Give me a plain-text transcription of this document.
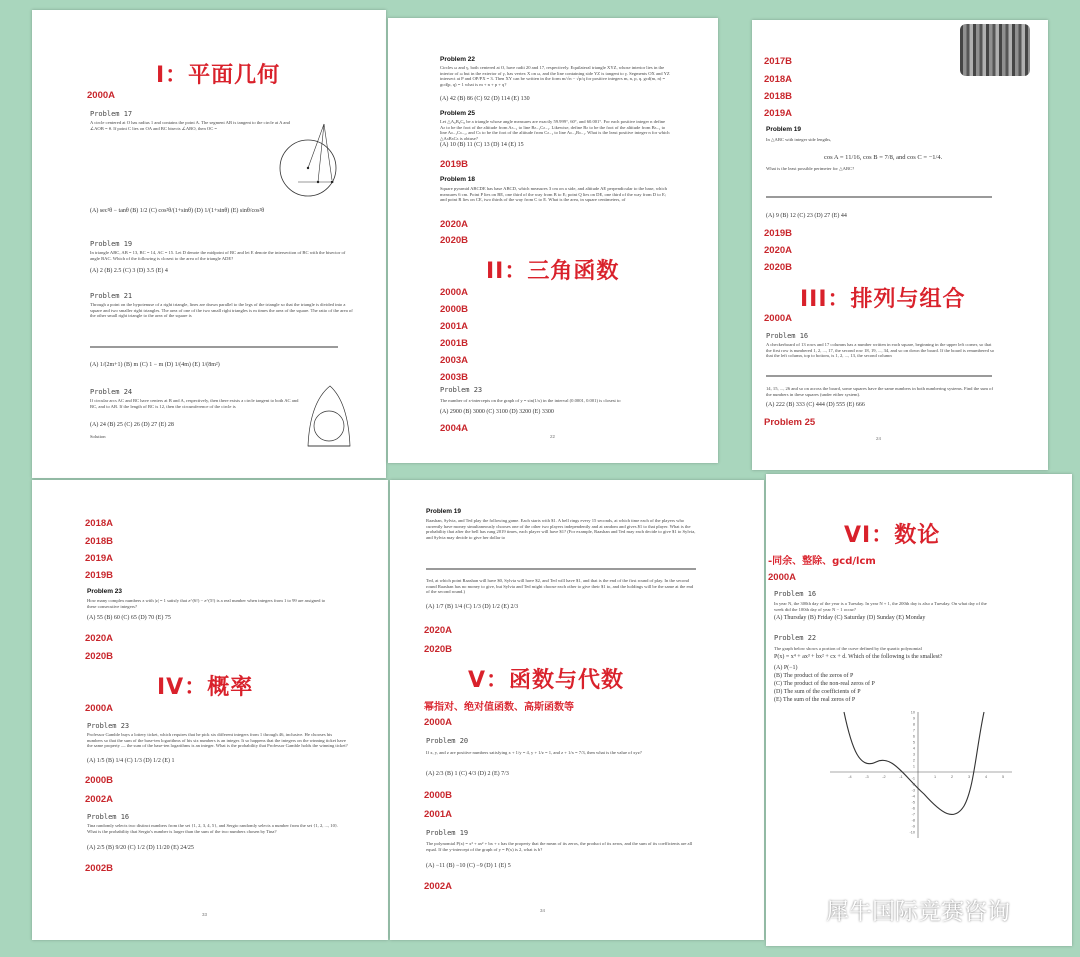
I：平面几何
2000A
Problem 17
A circle centered at O has radius 1 and contains the point A. The segment AB is tangent to the circle at A and ∠AOB = θ. If point C lies on OA and BC bisects ∠ABO, then OC =
(A) sec²θ − tanθ (B) 1/2 (C) cos²θ/(1+sinθ) (D) 1/(1+sinθ) (E) sinθ/cos²θ
Problem 19
In triangle ABC, AB = 13, BC = 14, AC = 15. Let D denote the midpoint of BC and let E denote the intersection of BC with the bisector of angle BAC. Which of the following is closest to the area of the triangle ADE?
(A) 2 (B) 2.5 (C) 3 (D) 3.5 (E) 4
Problem 21
Through a point on the hypotenuse of a right triangle, lines are drawn parallel to the legs of the triangle so that the triangle is divided into a square and two smaller right triangles. The area of one of the two small right triangles is m times the area of the square. The ratio of the area of the other small right triangle to the area of the square is
(A) 1/(2m+1) (B) m (C) 1 − m (D) 1/(4m) (E) 1/(8m²)
Problem 24
If circular arcs AC and BC have centers at B and A, respectively, then there exists a circle tangent to both AC and BC, and to AB. If the length of BC is 12, then the circumference of the circle is
(A) 24 (B) 25 (C) 26 (D) 27 (E) 28
Solution
Problem 22
Circles ω and γ, both centered at O, have radii 20 and 17, respectively. Equilateral triangle XYZ, whose interior lies in the interior of ω but in the exterior of γ, has vertex X on ω, and the line containing side YZ is tangent to γ. Segments OX and YZ intersect at P and OP/PX = 3. Then XY can be written in the form m/√n − √p/q for positive integers m, n, p, q. gcd(m, n) = gcd(p, q) = 1 what is m + n + p + q?
(A) 42 (B) 86 (C) 92 (D) 114 (E) 130
Problem 25
Let △A₀B₀C₀ be a triangle whose angle measures are exactly 59.999°, 60°, and 60.001°. For each positive integer n define Aₙ to be the foot of the altitude from Aₙ₋₁ to line Bₙ₋₁Cₙ₋₁. Likewise, define Bₙ to be the foot of the altitude from Bₙ₋₁ to line Aₙ₋₁Cₙ₋₁, and Cₙ to be the foot of the altitude from Cₙ₋₁ to line Aₙ₋₁Bₙ₋₁. What is the least positive integer n for which △AₙBₙCₙ is obtuse?
(A) 10 (B) 11 (C) 13 (D) 14 (E) 15
2019B
Problem 18
Square pyramid ABCDE has base ABCD, which measures 3 cm on a side, and altitude AE perpendicular to the base, which measures 6 cm. Point P lies on BE, one third of the way from B to E; point Q lies on DE, one third of the way from D to E; and point R lies on CE, two thirds of the way from C to E. What is the area, in square centimeters, of
2020A
2020B
II：三角函数
2000A
2000B
2001A
2001B
2003A
2003B
Problem 23
The number of x-intercepts on the graph of y = sin(1/x) in the interval (0.0001, 0.001) is closest to
(A) 2900 (B) 3000 (C) 3100 (D) 3200 (E) 3300
2004A
22
2017B
2018A
2018B
2019A
Problem 19
In △ABC with integer side lengths,
cos A = 11/16, cos B = 7/8, and cos C = −1/4.
What is the least possible perimeter for △ABC?
(A) 9 (B) 12 (C) 23 (D) 27 (E) 44
2019B
2020A
2020B
III：排列与组合
2000A
Problem 16
A checkerboard of 13 rows and 17 columns has a number written in each square, beginning in the upper left corner, so that the first row is numbered 1, 2, ..., 17, the second row 18, 19, ..., 34, and so on down the board. If the board is renumbered so that the left column, top to bottom, is 1, 2, ..., 13, the second column
14, 15, ..., 26 and so on across the board, some squares have the same numbers in both numbering systems. Find the sum of the numbers in these squares (under either system).
(A) 222 (B) 333 (C) 444 (D) 555 (E) 666
Problem 25
24
2018A
2018B
2019A
2019B
Problem 23
How many complex numbers z with |z| = 1 satisfy that z^(6!) − z^(5!) is a real number when integers from 1 to 99 are assigned to these consecutive integers?
(A) 55 (B) 60 (C) 65 (D) 70 (E) 75
2020A
2020B
IV：概率
2000A
Problem 23
Professor Gamble buys a lottery ticket, which requires that he pick six different integers from 1 through 46, inclusive. He chooses his numbers so that the sum of the base-ten logarithms of his six numbers is an integer. It so happens that the integers on the winning ticket have the same property — the sum of the base-ten logarithms is an integer. What is the probability that Professor Gamble holds the winning ticket?
(A) 1/5 (B) 1/4 (C) 1/3 (D) 1/2 (E) 1
2000B
2002A
Problem 16
Tina randomly selects two distinct numbers from the set {1, 2, 3, 4, 5}, and Sergio randomly selects a number from the set {1, 2, ..., 10}. What is the probability that Sergio's number is larger than the sum of the two numbers chosen by Tina?
(A) 2/5 (B) 9/20 (C) 1/2 (D) 11/20 (E) 24/25
2002B
33
Problem 19
Raashan, Sylvia, and Ted play the following game. Each starts with $1. A bell rings every 15 seconds, at which time each of the players who currently have money simultaneously chooses one of the other two players independently and at random and gives $1 to that player. What is the probability that after the bell has rung 2019 times, each player will have $1? (For example, Raashan and Ted may each decide to give $1 to Sylvia, and Sylvia may decide to give her dollar to
Ted, at which point Raashan will have $0, Sylvia will have $2, and Ted will have $1, and that is the end of the first round of play. In the second round Raashan has no money to give, but Sylvia and Ted might choose each other to give their $1 to, and the holdings will be the same at the end of the second round.)
(A) 1/7 (B) 1/4 (C) 1/3 (D) 1/2 (E) 2/3
2020A
2020B
V：函数与代数
幂指对、绝对值函数、高斯函数等
2000A
Problem 20
If x, y, and z are positive numbers satisfying x + 1/y = 4, y + 1/z = 1, and z + 1/x = 7/3, then what is the value of xyz?
(A) 2/3 (B) 1 (C) 4/3 (D) 2 (E) 7/3
2000B
2001A
Problem 19
The polynomial P(x) = x³ + ax² + bx + c has the property that the mean of its zeros, the product of its zeros, and the sum of its coefficients are all equal. If the y-intercept of the graph of y = P(x) is 2, what is b?
(A) −11 (B) −10 (C) −9 (D) 1 (E) 5
2002A
34
VI：数论
-同余、整除、gcd/lcm
2000A
Problem 16
In year N, the 300th day of the year is a Tuesday. In year N + 1, the 200th day is also a Tuesday. On what day of the week did the 100th day of year N − 1 occur?
(A) Thursday (B) Friday (C) Saturday (D) Sunday (E) Monday
Problem 22
The graph below shows a portion of the curve defined by the quartic polynomial
P(x) = x⁴ + ax³ + bx² + cx + d. Which of the following is the smallest?
(A) P(−1)
(B) The product of the zeros of P
(C) The product of the non-real zeros of P
(D) The sum of the coefficients of P
(E) The sum of the real zeros of P
10
9
8
7
6
5
4
3
2
1
-1
-2
-3
-4
-5
-6
-7
-8
-9
-10
-4	-3	-2	-1	1	2	3	4	5
犀牛国际竞赛咨询
